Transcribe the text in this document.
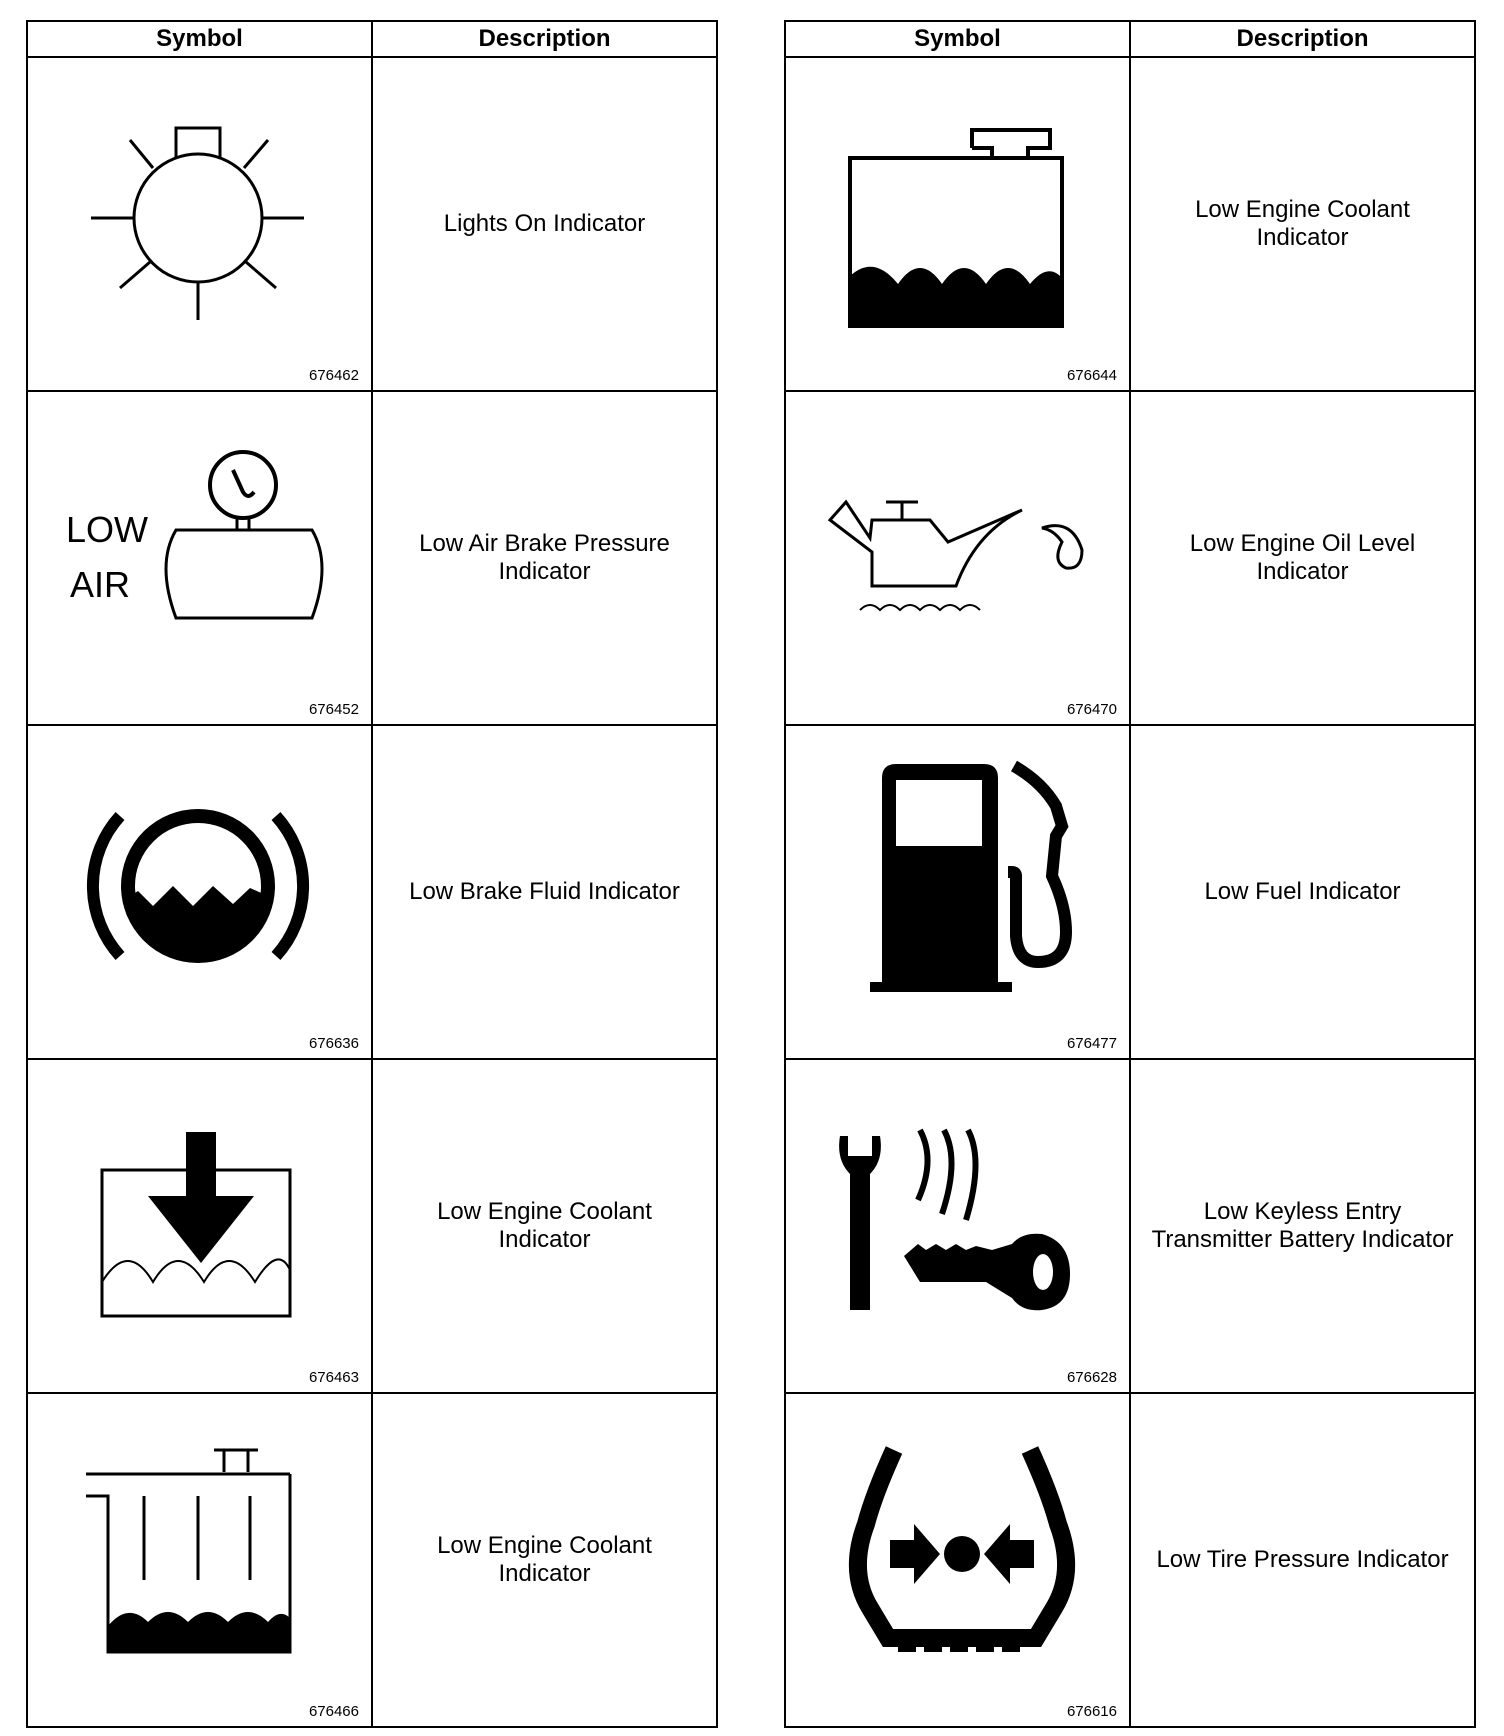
Symbol	Description

676462	Lights On Indicator

LOW
AIR
676452	Low Air Brake Pressure
Indicator

676636	Low Brake Fluid Indicator

676463	Low Engine Coolant
Indicator

676466	Low Engine Coolant
Indicator
Symbol	Description

676644	Low Engine Coolant
Indicator

676470	Low Engine Oil Level
Indicator

676477	Low Fuel Indicator

676628	Low Keyless Entry
Transmitter Battery Indicator

676616	Low Tire Pressure Indicator
